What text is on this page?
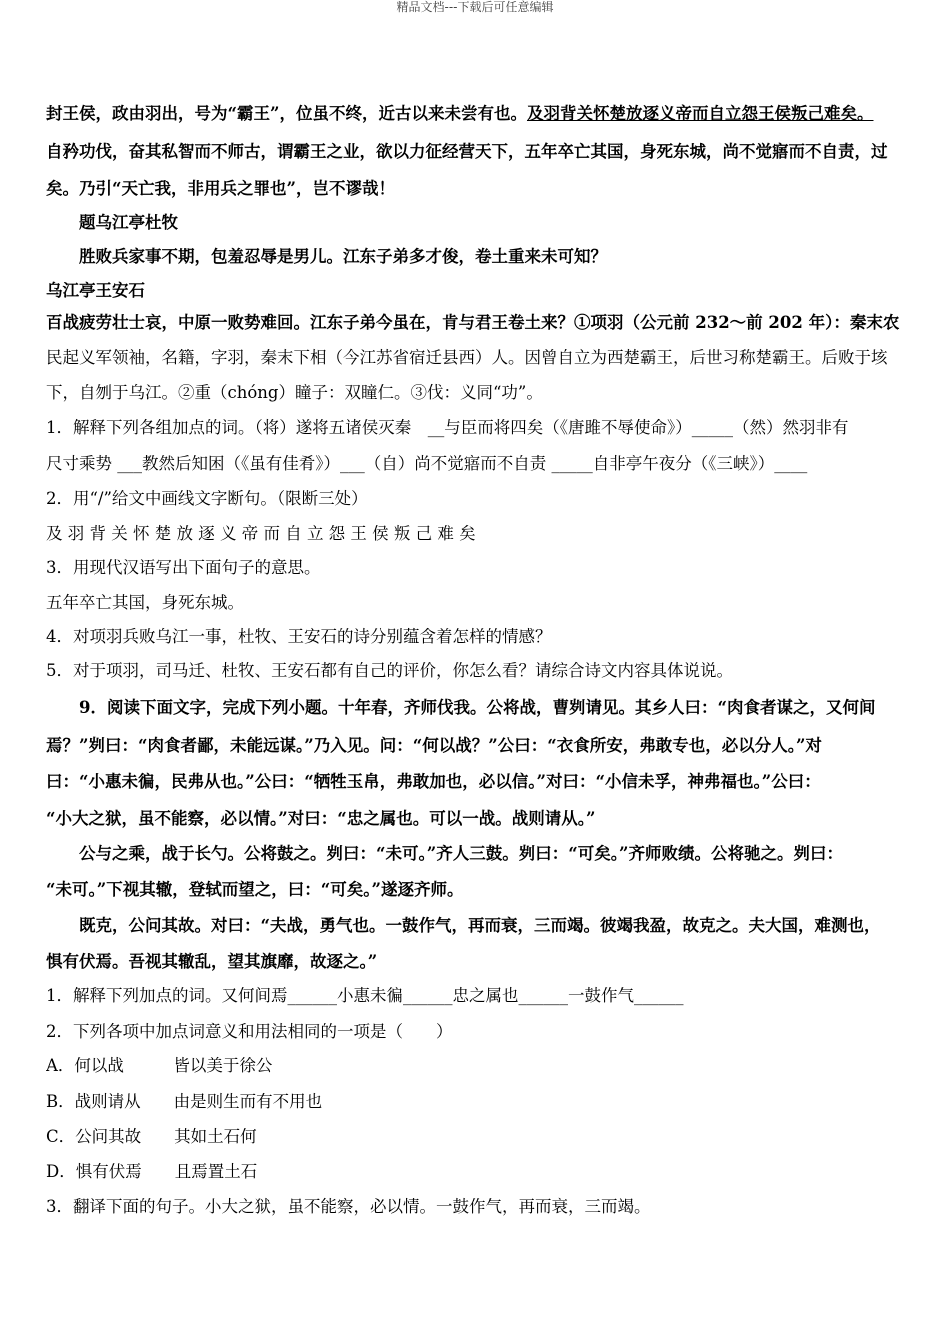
精品文档---下载后可任意编辑
封王侯，政由羽出，号为“霸王”，位虽不终，近古以来未尝有也。及羽背关怀楚放逐义帝而自立怨王侯叛己难矣。
自矜功伐，奋其私智而不师古，谓霸王之业，欲以力征经营天下，五年卒亡其国，身死东城，尚不觉寤而不自责，过
矣。乃引“天亡我，非用兵之罪也”，岂不谬哉！
题乌江亭杜牧
胜败兵家事不期，包羞忍辱是男儿。江东子弟多才俊，卷土重来未可知？
乌江亭王安石
百战疲劳壮士哀，中原一败势难回。江东子弟今虽在，肯与君王卷土来？①项羽（公元前 232～前 202 年）：秦末农
民起义军领袖，名籍，字羽，秦末下相（今江苏省宿迁县西）人。因曾自立为西楚霸王，后世习称楚霸王。后败于垓
下，自刎于乌江。②重（chóng）瞳子：双瞳仁。③伐：义同“功”。
1．解释下列各组加点的词。（将）遂将五诸侯灭秦　__与臣而将四矣（《唐雎不辱使命》）_____（然）然羽非有
尺寸乘势 ___教然后知困（《虽有佳肴》）___（自）尚不觉寤而不自责 _____自非亭午夜分（《三峡》）____
2．用“/”给文中画线文字断句。（限断三处）
及 羽 背 关 怀 楚 放 逐 义 帝 而 自 立 怨 王 侯 叛 己 难 矣
3．用现代汉语写出下面句子的意思。
五年卒亡其国，身死东城。
4．对项羽兵败乌江一事，杜牧、王安石的诗分别蕴含着怎样的情感？
5．对于项羽，司马迁、杜牧、王安石都有自己的评价，你怎么看？请综合诗文内容具体说说。
9．阅读下面文字，完成下列小题。十年春，齐师伐我。公将战，曹刿请见。其乡人曰：“肉食者谋之，又何间
焉？”刿曰：“肉食者鄙，未能远谋。”乃入见。问：“何以战？”公曰：“衣食所安，弗敢专也，必以分人。”对
曰：“小惠未徧，民弗从也。”公曰：“牺牲玉帛，弗敢加也，必以信。”对曰：“小信未孚，神弗福也。”公曰：
“小大之狱，虽不能察，必以情。”对曰：“忠之属也。可以一战。战则请从。”
公与之乘，战于长勺。公将鼓之。刿曰：“未可。”齐人三鼓。刿曰：“可矣。”齐师败绩。公将驰之。刿曰：
“未可。”下视其辙，登轼而望之，曰：“可矣。”遂逐齐师。
既克，公问其故。对曰：“夫战，勇气也。一鼓作气，再而衰，三而竭。彼竭我盈，故克之。夫大国，难测也，
惧有伏焉。吾视其辙乱，望其旗靡，故逐之。”
1．解释下列加点的词。又何间焉______小惠未徧______忠之属也______一鼓作气______
2．下列各项中加点词意义和用法相同的一项是（　　）
A．何以战　　　皆以美于徐公
B．战则请从　　由是则生而有不用也
C．公问其故　　其如土石何
D．惧有伏焉　　且焉置土石
3．翻译下面的句子。小大之狱，虽不能察，必以情。一鼓作气，再而衰，三而竭。
